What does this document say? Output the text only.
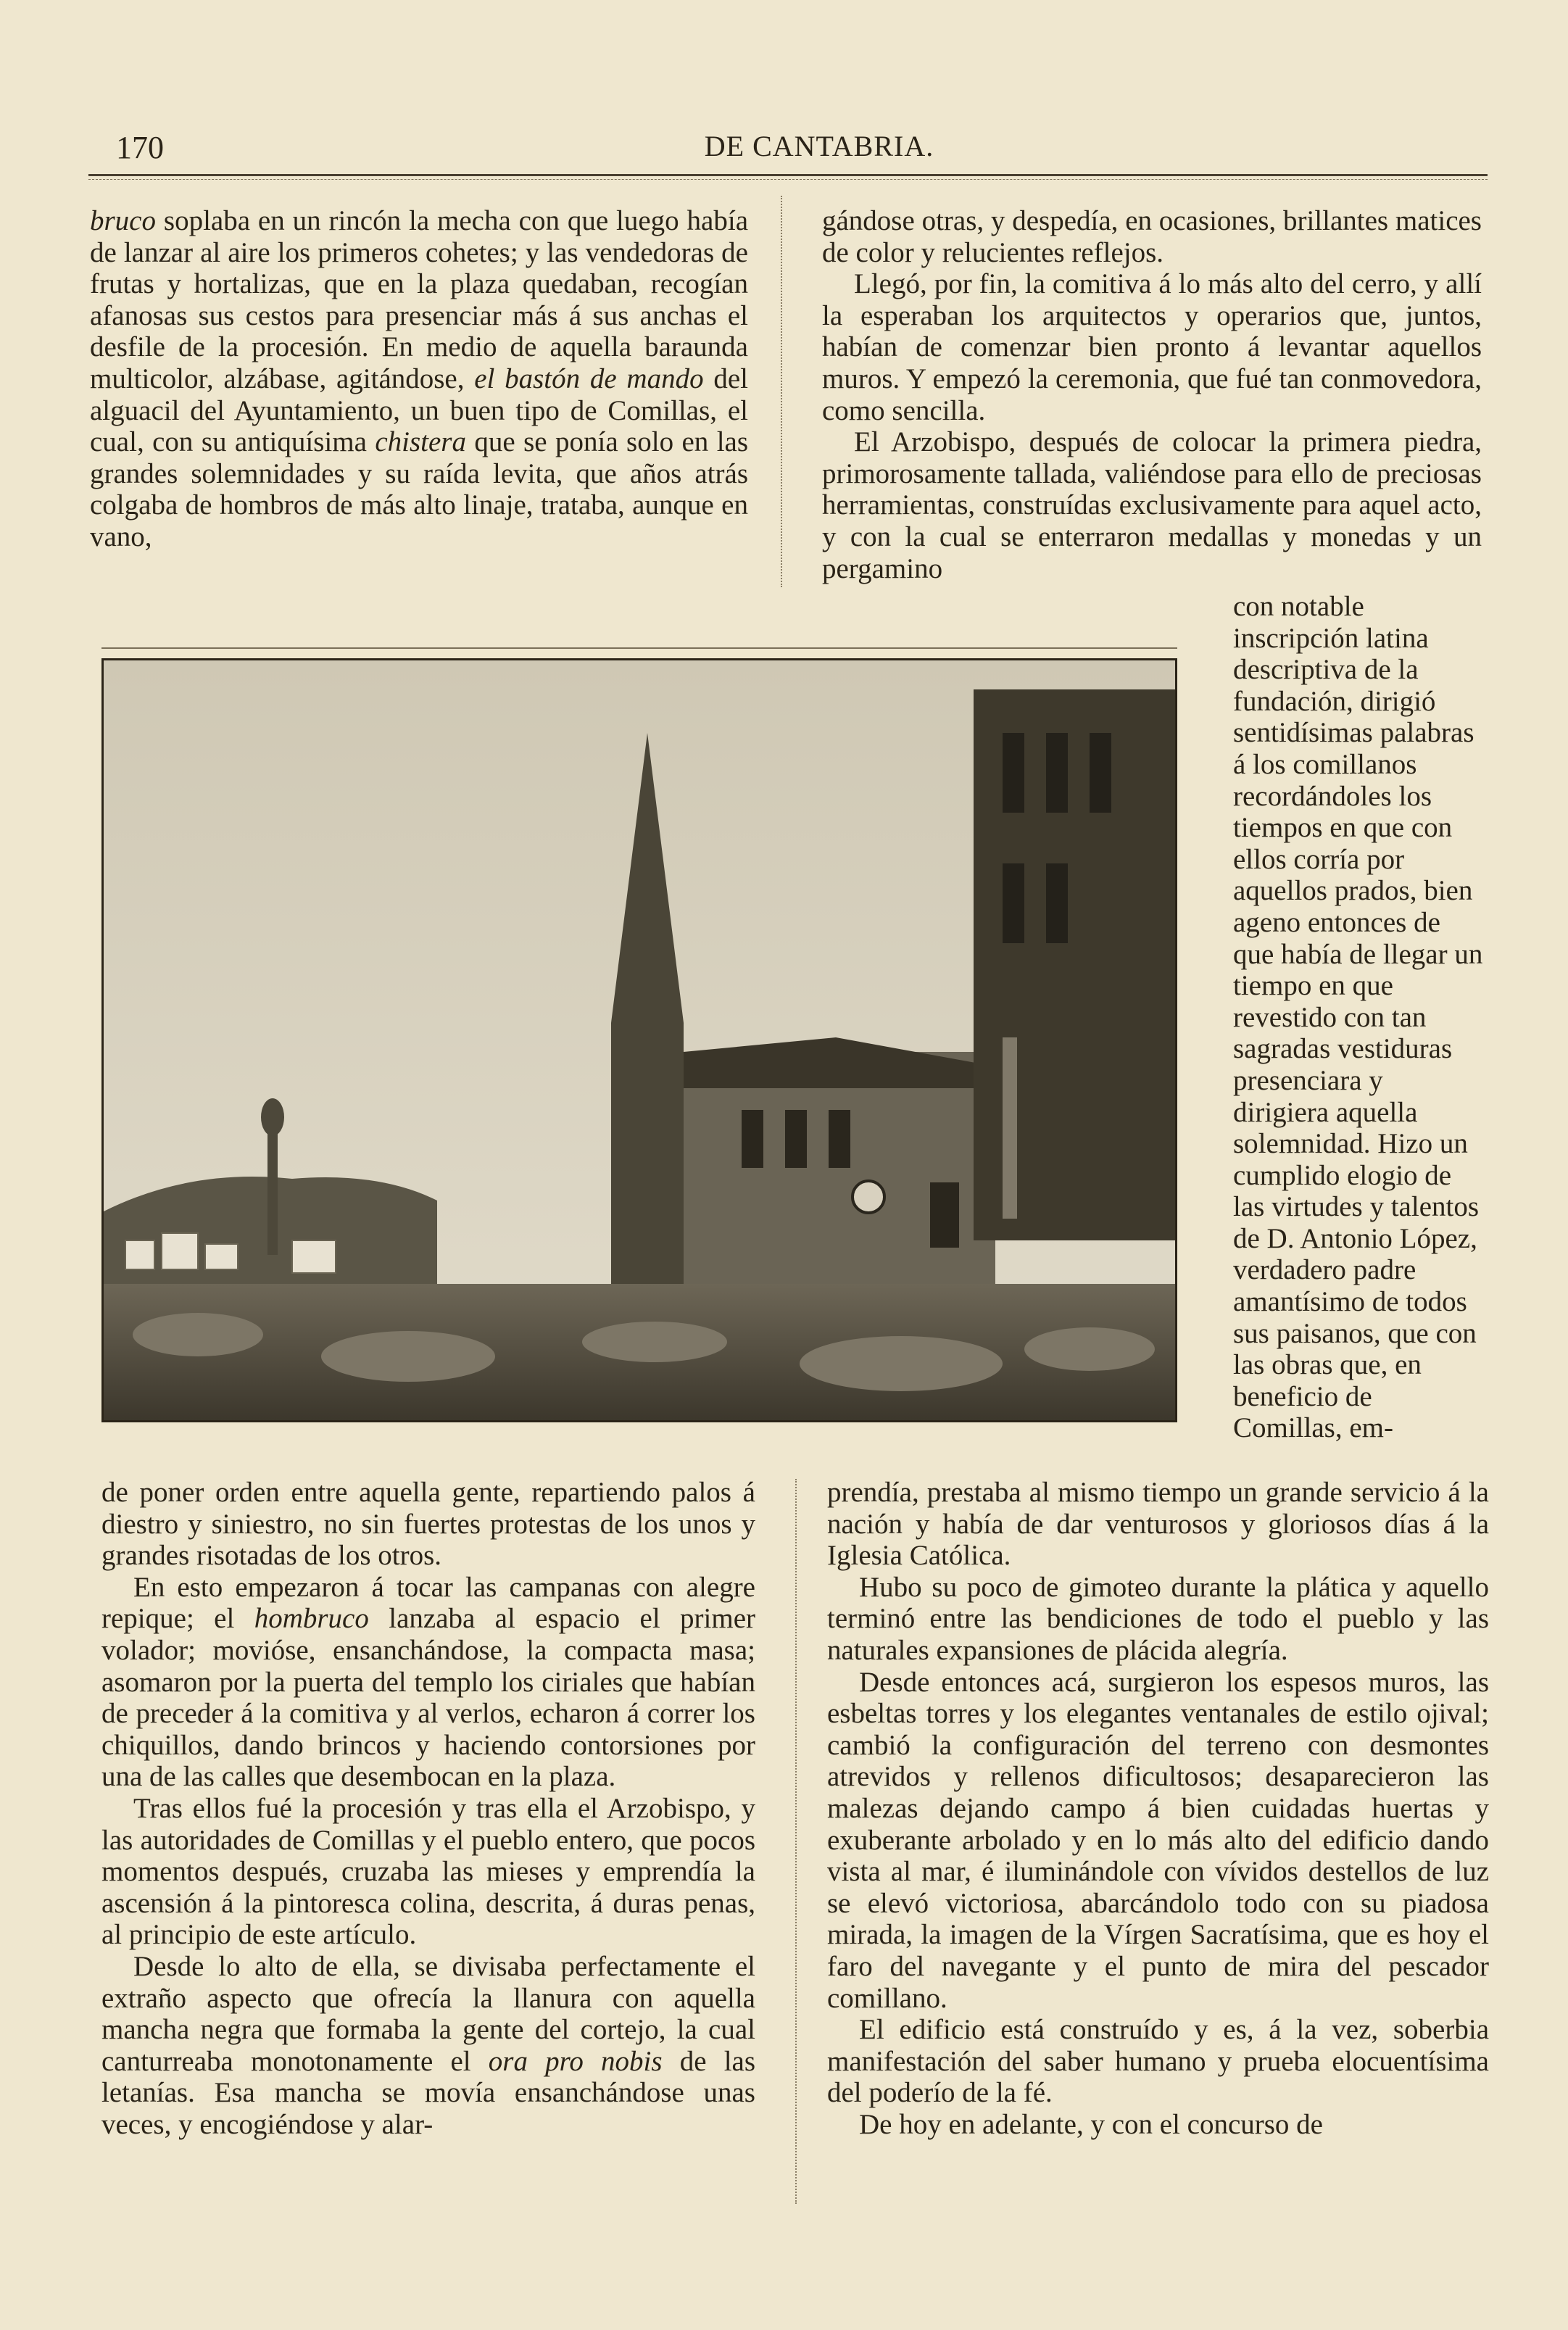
170	DE CANTABRIA.

bruco soplaba en un rincón la mecha con que luego había de lanzar al aire los primeros cohetes; y las vendedoras de frutas y hortalizas, que en la plaza quedaban, recogían afanosas sus cestos para presenciar más á sus anchas el desfile de la procesión. En medio de aquella baraunda multicolor, alzábase, agitándose, el bastón de mando del alguacil del Ayuntamiento, un buen tipo de Comillas, el cual, con su antiquísima chistera que se ponía solo en las grandes solemnidades y su raída levita, que años atrás colgaba de hombros de más alto linaje, trataba, aunque en vano,

gándose otras, y despedía, en ocasiones, brillantes matices de color y relucientes reflejos.

Llegó, por fin, la comitiva á lo más alto del cerro, y allí la esperaban los arquitectos y operarios que, juntos, habían de comenzar bien pronto á levantar aquellos muros. Y empezó la ceremonia, que fué tan conmovedora, como sencilla.

El Arzobispo, después de colocar la primera piedra, primorosamente tallada, valiéndose para ello de preciosas herramientas, construídas exclusivamente para aquel acto, y con la cual se enterraron medallas y monedas y un pergamino

con notable inscripción latina descriptiva de la fundación, dirigió sentidísimas palabras á los comillanos recordándoles los tiempos en que con ellos corría por aquellos prados, bien ageno entonces de que había de llegar un tiempo en que revestido con tan sagradas vestiduras presenciara y dirigiera aquella solemnidad. Hizo un cumplido elogio de las virtudes y talentos de D. Antonio López, verdadero padre amantísimo de todos sus paisanos, que con las obras que, en beneficio de Comillas, em-

de poner orden entre aquella gente, repartiendo palos á diestro y siniestro, no sin fuertes protestas de los unos y grandes risotadas de los otros.

En esto empezaron á tocar las campanas con alegre repique; el hombruco lanzaba al espacio el primer volador; movióse, ensanchándose, la compacta masa; asomaron por la puerta del templo los ciriales que habían de preceder á la comitiva y al verlos, echaron á correr los chiquillos, dando brincos y haciendo contorsiones por una de las calles que desembocan en la plaza.

Tras ellos fué la procesión y tras ella el Arzobispo, y las autoridades de Comillas y el pueblo entero, que pocos momentos después, cruzaba las mieses y emprendía la ascensión á la pintoresca colina, descrita, á duras penas, al principio de este artículo.

Desde lo alto de ella, se divisaba perfectamente el extraño aspecto que ofrecía la llanura con aquella mancha negra que formaba la gente del cortejo, la cual canturreaba monotonamente el ora pro nobis de las letanías. Esa mancha se movía ensanchándose unas veces, y encogiéndose y alar-

prendía, prestaba al mismo tiempo un grande servicio á la nación y había de dar venturosos y gloriosos días á la Iglesia Católica.

Hubo su poco de gimoteo durante la plática y aquello terminó entre las bendiciones de todo el pueblo y las naturales expansiones de plácida alegría.

Desde entonces acá, surgieron los espesos muros, las esbeltas torres y los elegantes ventanales de estilo ojival; cambió la configuración del terreno con desmontes atrevidos y rellenos dificultosos; desaparecieron las malezas dejando campo á bien cuidadas huertas y exuberante arbolado y en lo más alto del edificio dando vista al mar, é iluminándole con vívidos destellos de luz se elevó victoriosa, abarcándolo todo con su piadosa mirada, la imagen de la Vírgen Sacratísima, que es hoy el faro del navegante y el punto de mira del pescador comillano.

El edificio está construído y es, á la vez, soberbia manifestación del saber humano y prueba elocuentísima del poderío de la fé.

De hoy en adelante, y con el concurso de
